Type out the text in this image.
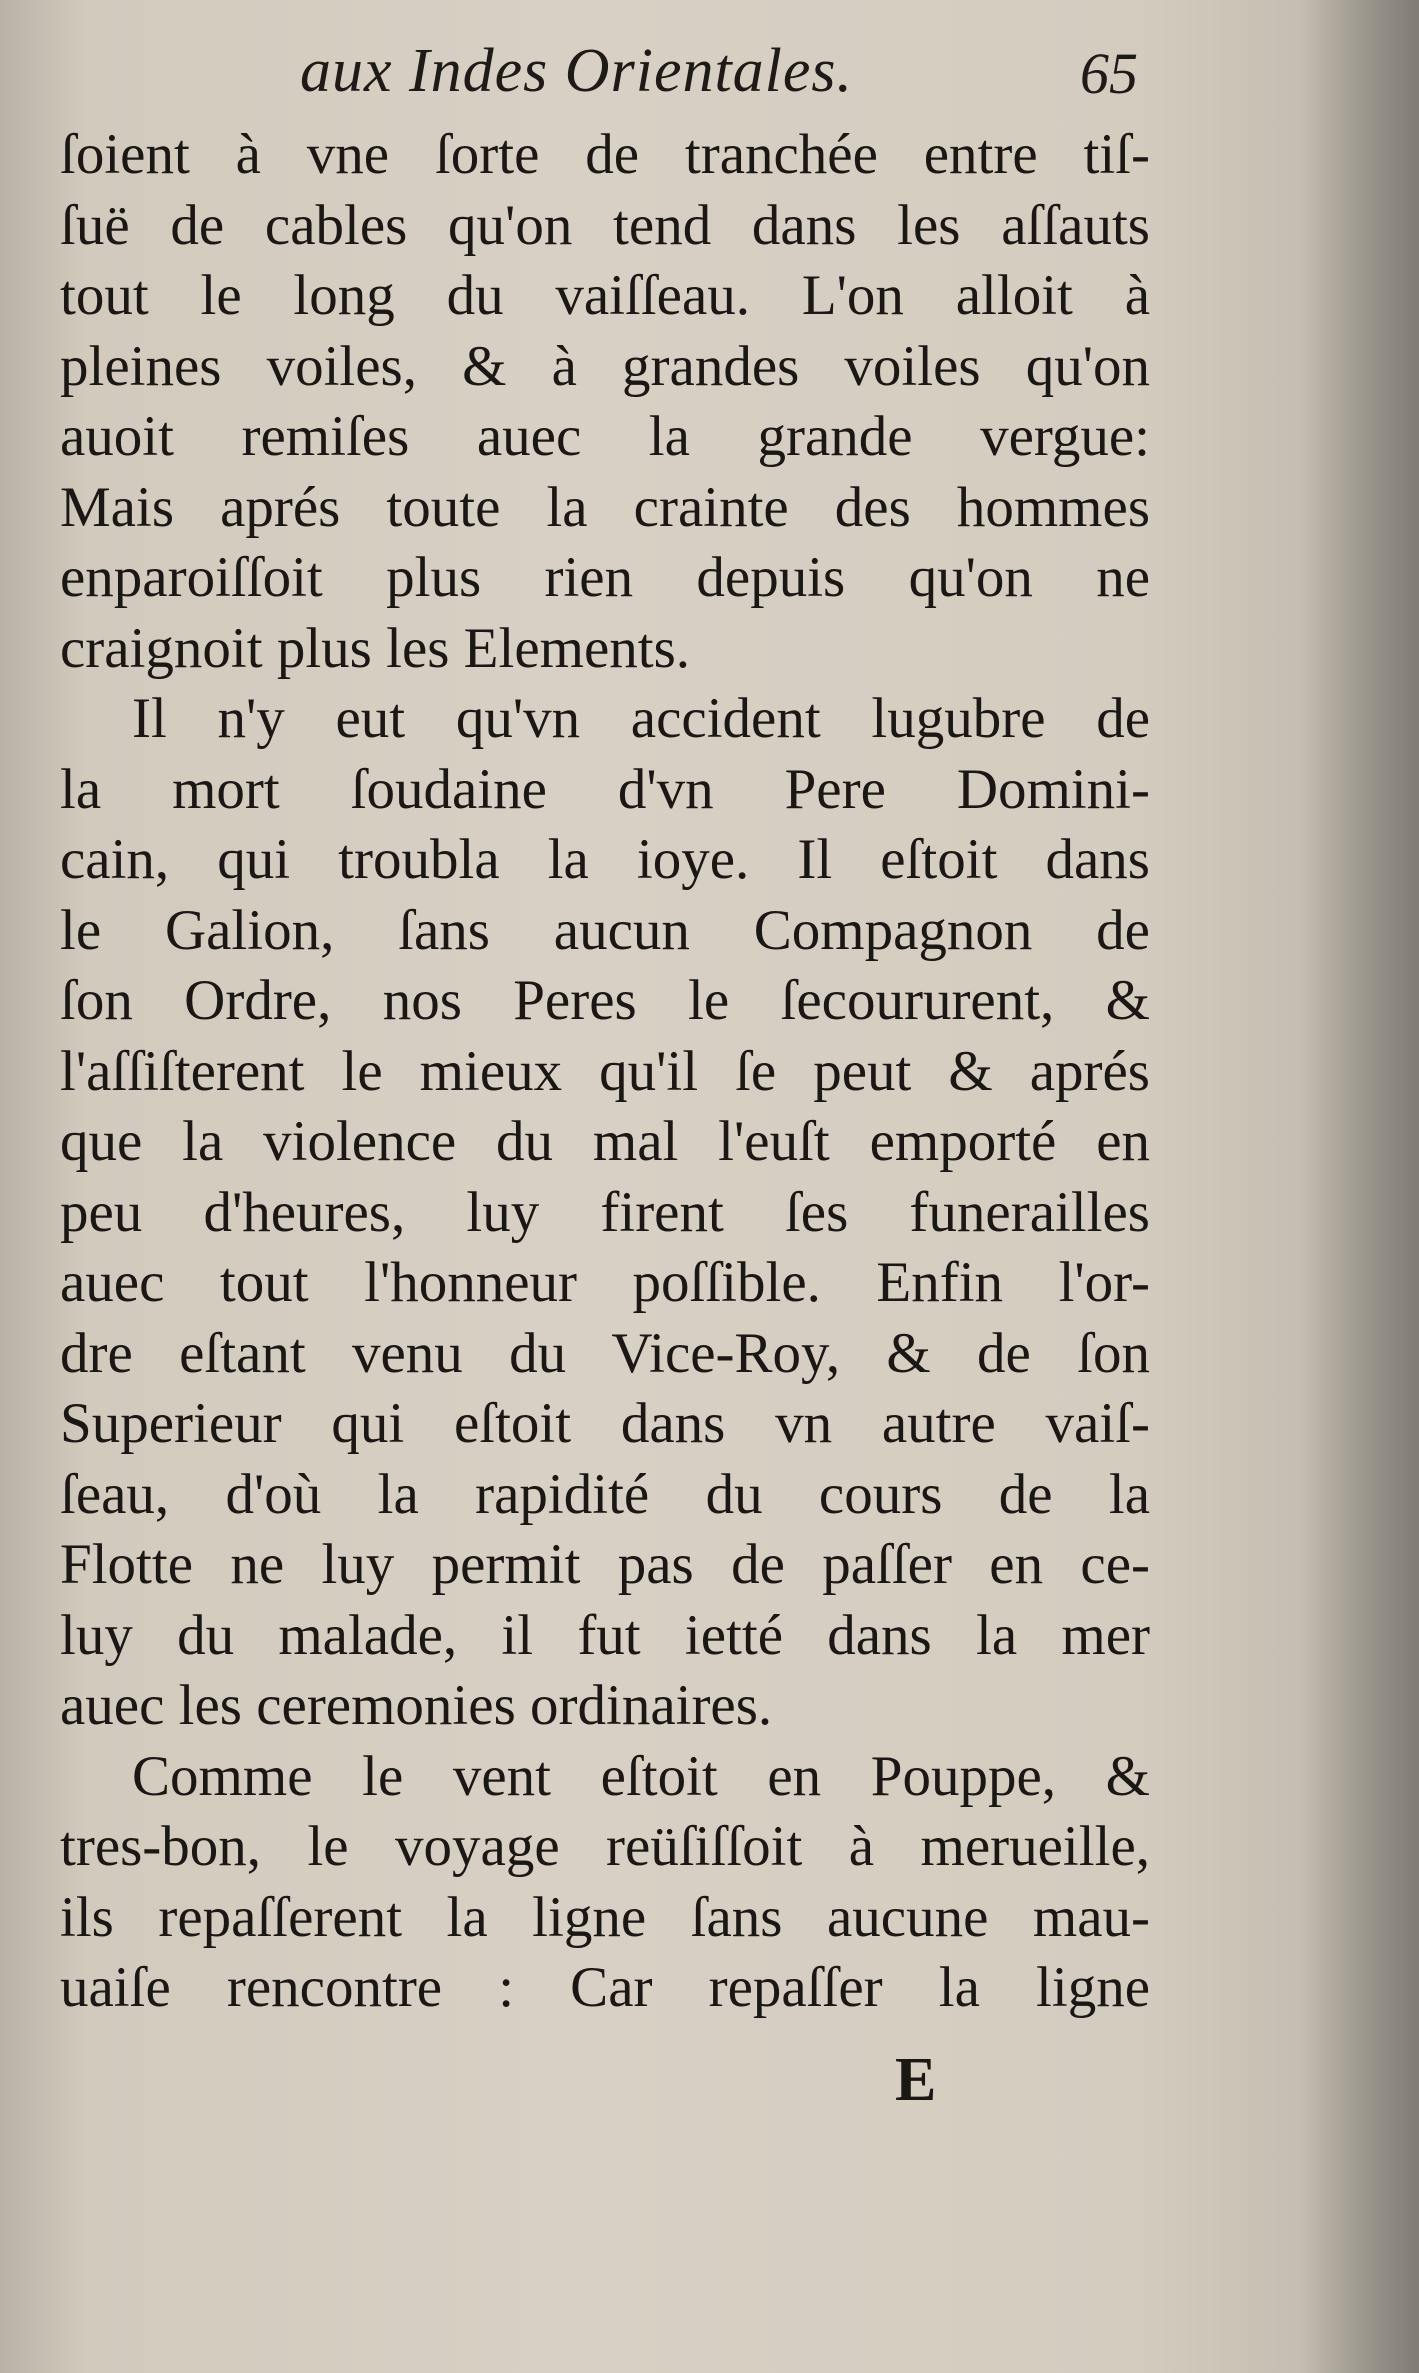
aux Indes Orientales.	65
ſoient à vne ſorte de tranchée entre tiſ-
ſuë de cables qu'on tend dans les aſſauts
tout le long du vaiſſeau. L'on alloit à
pleines voiles, & à grandes voiles qu'on
auoit remiſes auec la grande vergue:
Mais aprés toute la crainte des hommes
enparoiſſoit plus rien depuis qu'on ne
craignoit plus les Elements.
Il n'y eut qu'vn accident lugubre de
la mort ſoudaine d'vn Pere Domini-
cain, qui troubla la ioye. Il eſtoit dans
le Galion, ſans aucun Compagnon de
ſon Ordre, nos Peres le ſecoururent, &
l'aſſiſterent le mieux qu'il ſe peut & aprés
que la violence du mal l'euſt emporté en
peu d'heures, luy firent ſes funerailles
auec tout l'honneur poſſible. Enfin l'or-
dre eſtant venu du Vice-Roy, & de ſon
Superieur qui eſtoit dans vn autre vaiſ-
ſeau, d'où la rapidité du cours de la
Flotte ne luy permit pas de paſſer en ce-
luy du malade, il fut ietté dans la mer
auec les ceremonies ordinaires.
Comme le vent eſtoit en Pouppe, &
tres-bon, le voyage reüſiſſoit à merueille,
ils repaſſerent la ligne ſans aucune mau-
uaiſe rencontre : Car repaſſer la ligne
E
